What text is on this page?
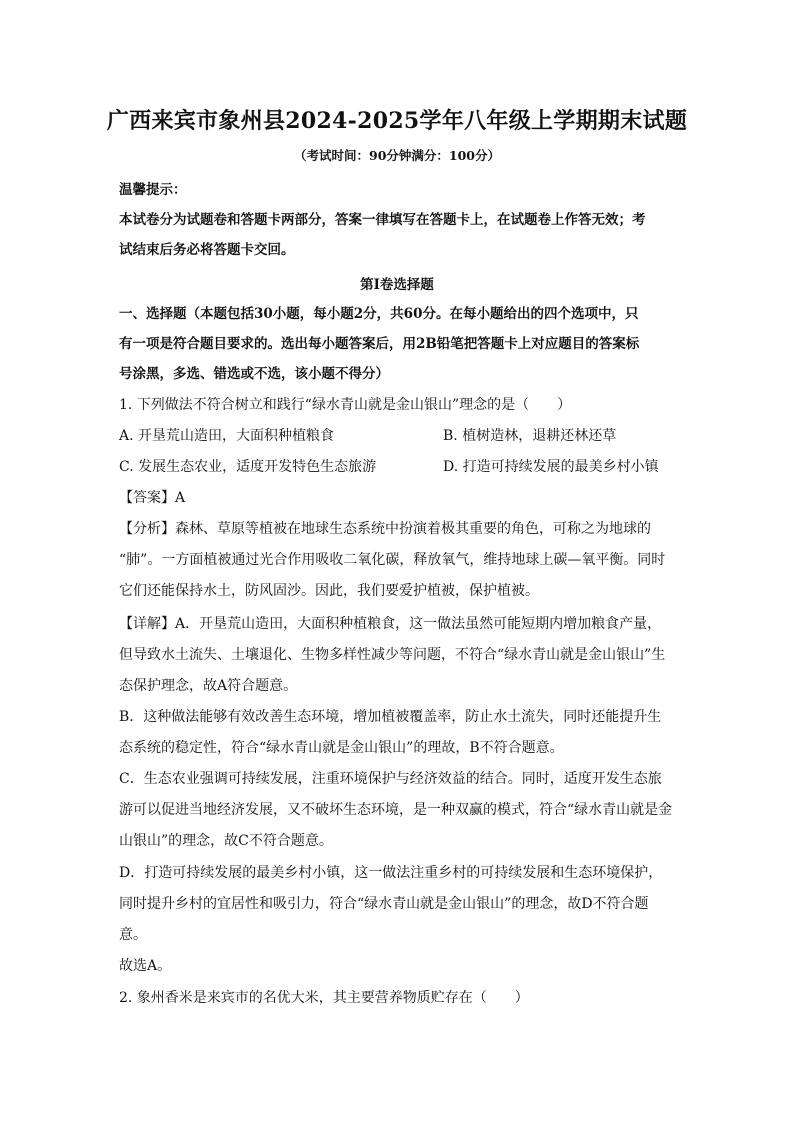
广西来宾市象州县2024-2025学年八年级上学期期末试题
（考试时间：90分钟满分：100分）
温馨提示：
本试卷分为试题卷和答题卡两部分，答案一律填写在答题卡上，在试题卷上作答无效；考
试结束后务必将答题卡交回。
第Ⅰ卷选择题
一、选择题（本题包括30小题，每小题2分，共60分。在每小题给出的四个选项中，只
有一项是符合题目要求的。选出每小题答案后，用2B铅笔把答题卡上对应题目的答案标
号涂黑，多选、错选或不选，该小题不得分）
1. 下列做法不符合树立和践行“绿水青山就是金山银山”理念的是（　　）
A. 开垦荒山造田，大面积种植粮食	B. 植树造林，退耕还林还草
C. 发展生态农业，适度开发特色生态旅游	D. 打造可持续发展的最美乡村小镇
【答案】A
【分析】森林、草原等植被在地球生态系统中扮演着极其重要的角色，可称之为地球的
“肺”。一方面植被通过光合作用吸收二氧化碳，释放氧气，维持地球上碳—氧平衡。同时
它们还能保持水土，防风固沙。因此，我们要爱护植被，保护植被。
【详解】A．开垦荒山造田，大面积种植粮食，这一做法虽然可能短期内增加粮食产量，
但导致水土流失、土壤退化、生物多样性减少等问题，不符合“绿水青山就是金山银山”生
态保护理念，故A符合题意。
B．这种做法能够有效改善生态环境，增加植被覆盖率，防止水土流失，同时还能提升生
态系统的稳定性，符合“绿水青山就是金山银山”的理故，B不符合题意。
C．生态农业强调可持续发展，注重环境保护与经济效益的结合。同时，适度开发生态旅
游可以促进当地经济发展，又不破坏生态环境，是一种双赢的模式，符合“绿水青山就是金
山银山”的理念，故C不符合题意。
D．打造可持续发展的最美乡村小镇，这一做法注重乡村的可持续发展和生态环境保护，
同时提升乡村的宜居性和吸引力，符合“绿水青山就是金山银山”的理念，故D不符合题
意。
故选A。
2. 象州香米是来宾市的名优大米，其主要营养物质贮存在（　　）
